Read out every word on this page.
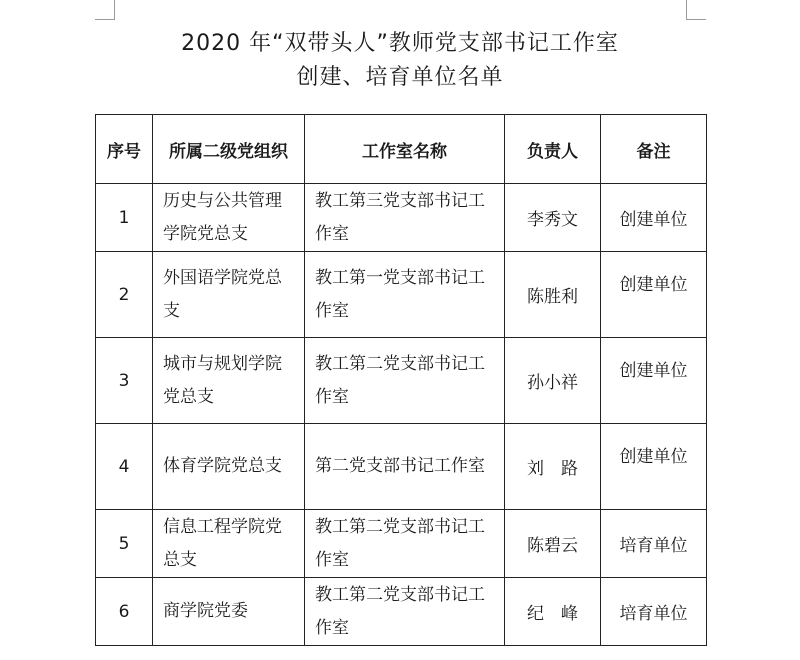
2020 年“双带头人”教师党支部书记工作室
创建、培育单位名单
序号	所属二级党组织	工作室名称	负责人	备注
1	历史与公共管理学院党总支	教工第三党支部书记工作室	李秀文	创建单位
2	外国语学院党总支	教工第一党支部书记工作室	陈胜利	创建单位
3	城市与规划学院党总支	教工第二党支部书记工作室	孙小祥	创建单位
4	体育学院党总支	第二党支部书记工作室	刘　路	创建单位
5	信息工程学院党总支	教工第二党支部书记工作室	陈碧云	培育单位
6	商学院党委	教工第二党支部书记工作室	纪　峰	培育单位
